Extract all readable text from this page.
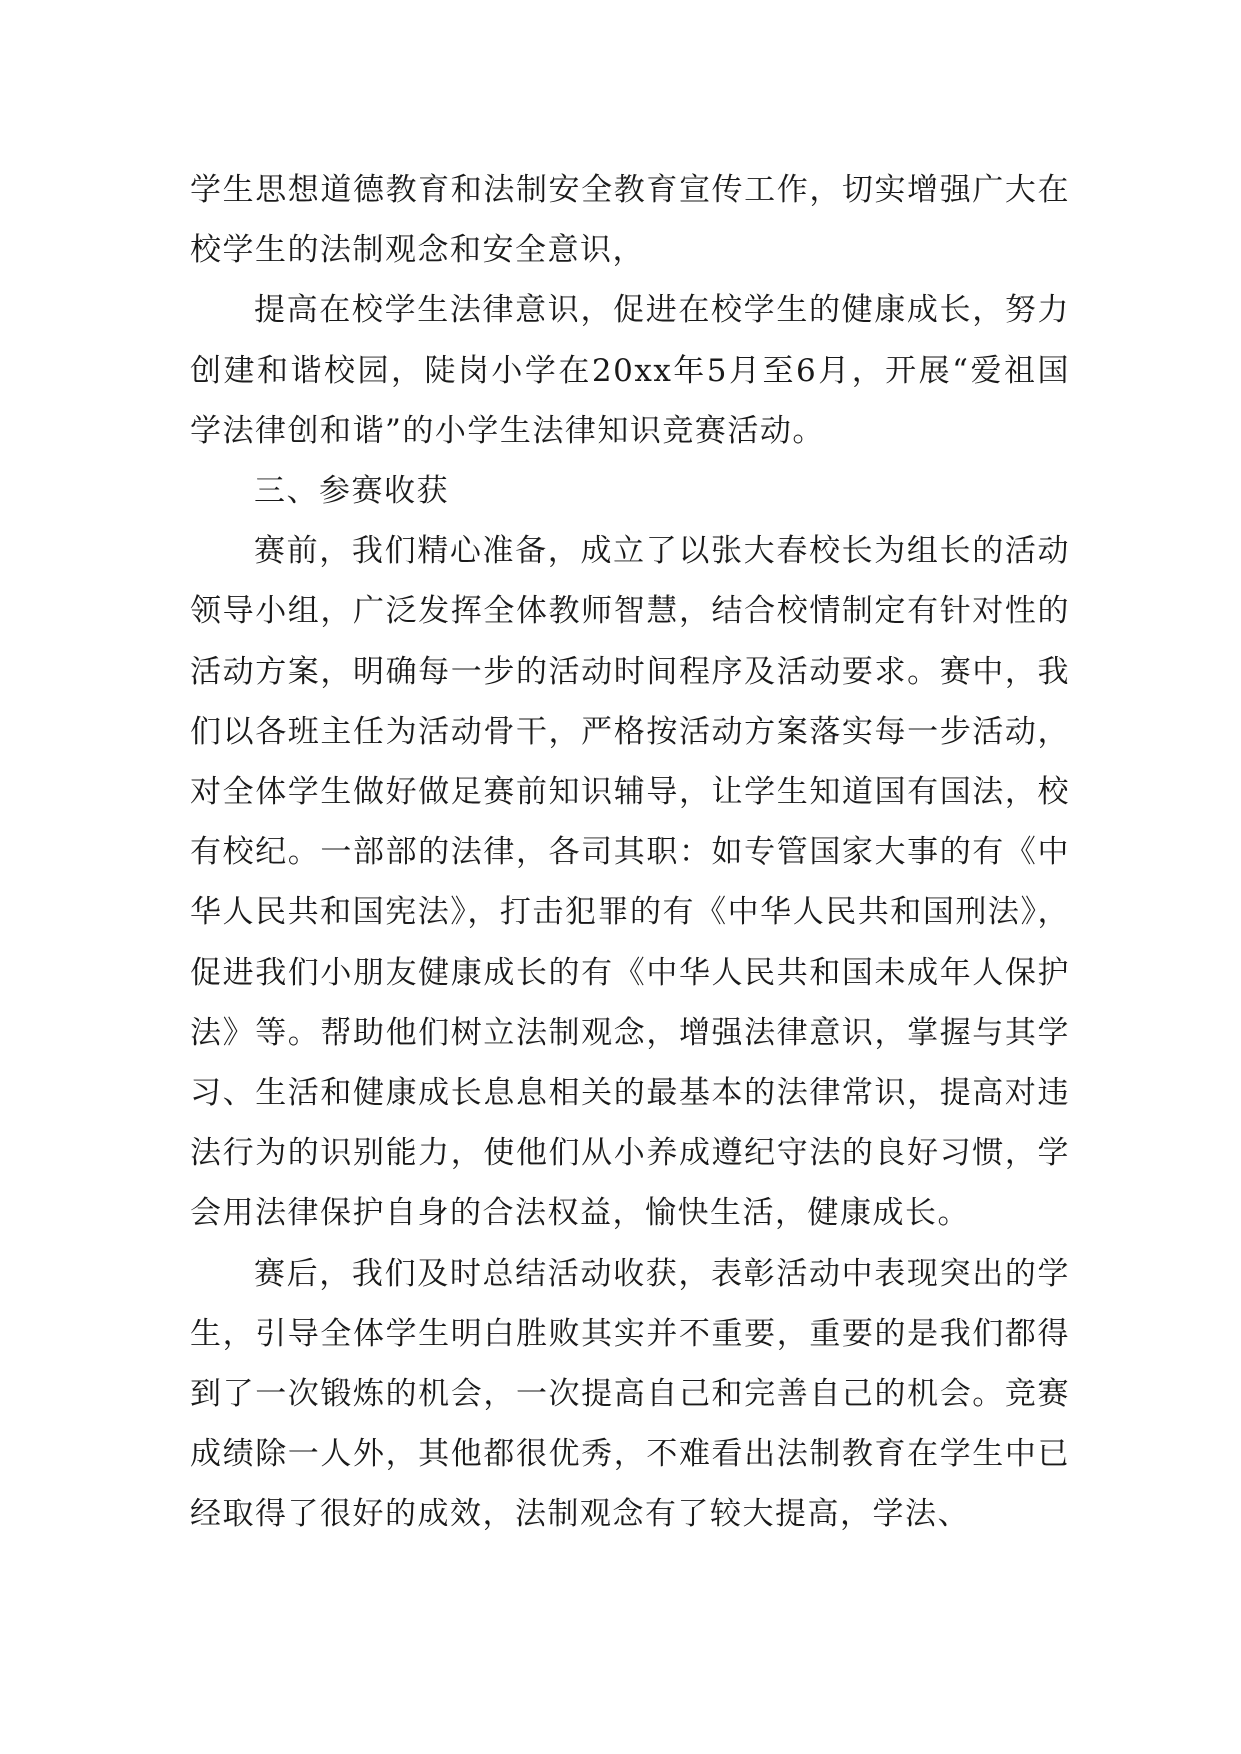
学生思想道德教育和法制安全教育宣传工作，切实增强广大在校学生的法制观念和安全意识，

提高在校学生法律意识，促进在校学生的健康成长，努力创建和谐校园，陡岗小学在20xx年5月至6月，开展“爱祖国学法律创和谐”的小学生法律知识竞赛活动。

三、参赛收获

赛前，我们精心准备，成立了以张大春校长为组长的活动领导小组，广泛发挥全体教师智慧，结合校情制定有针对性的活动方案，明确每一步的活动时间程序及活动要求。赛中，我们以各班主任为活动骨干，严格按活动方案落实每一步活动，对全体学生做好做足赛前知识辅导，让学生知道国有国法，校有校纪。一部部的法律，各司其职：如专管国家大事的有《中华人民共和国宪法》，打击犯罪的有《中华人民共和国刑法》，促进我们小朋友健康成长的有《中华人民共和国未成年人保护法》等。帮助他们树立法制观念，增强法律意识，掌握与其学习、生活和健康成长息息相关的最基本的法律常识，提高对违法行为的识别能力，使他们从小养成遵纪守法的良好习惯，学会用法律保护自身的合法权益，愉快生活，健康成长。

赛后，我们及时总结活动收获，表彰活动中表现突出的学生，引导全体学生明白胜败其实并不重要，重要的是我们都得到了一次锻炼的机会，一次提高自己和完善自己的机会。竞赛成绩除一人外，其他都很优秀，不难看出法制教育在学生中已经取得了很好的成效，法制观念有了较大提高，学法、
